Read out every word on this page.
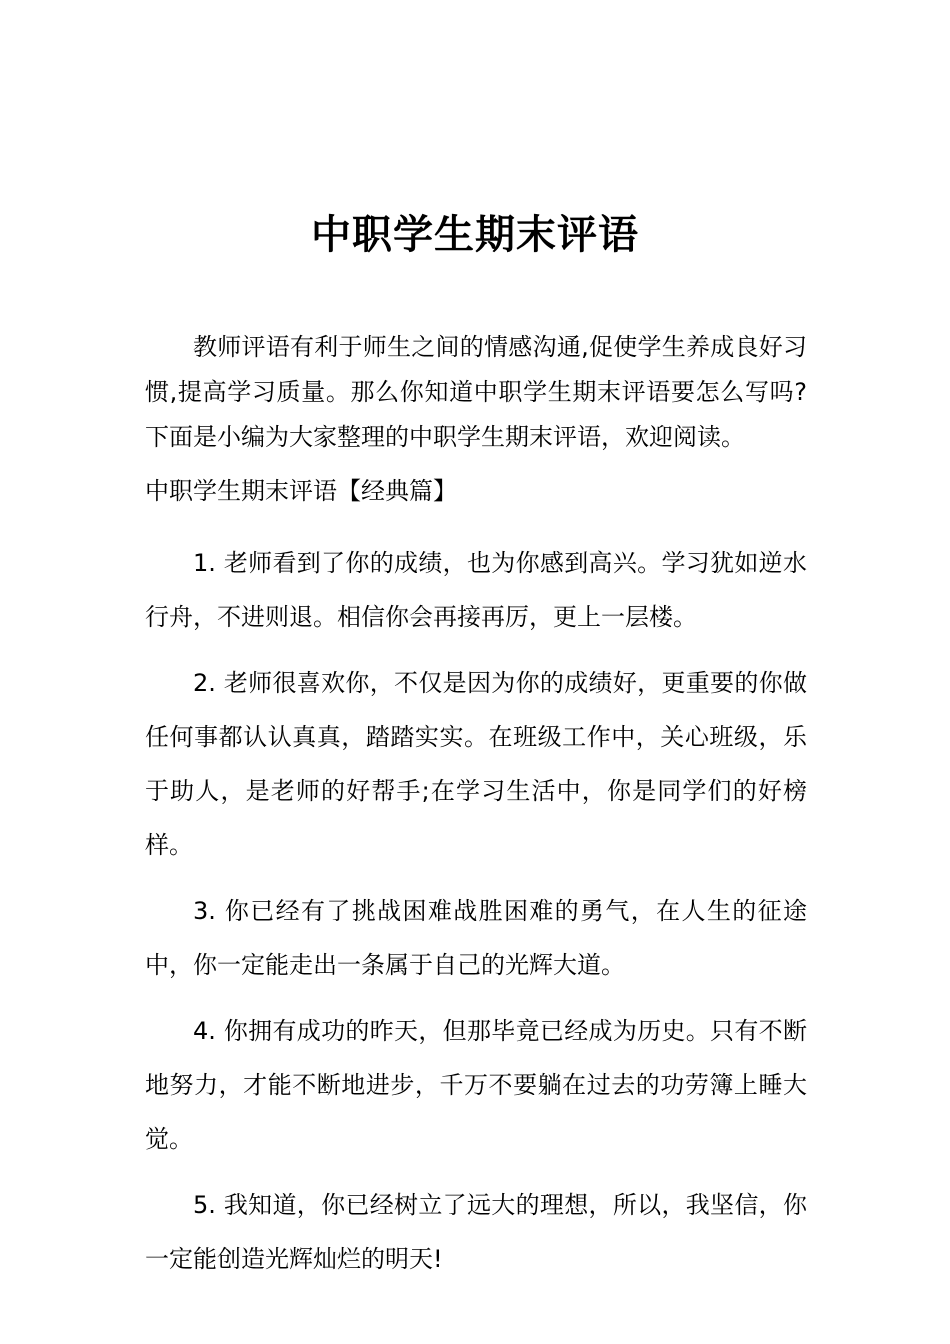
中职学生期末评语

教师评语有利于师生之间的情感沟通,促使学生养成良好习惯,提高学习质量。那么你知道中职学生期末评语要怎么写吗?下面是小编为大家整理的中职学生期末评语，欢迎阅读。

中职学生期末评语【经典篇】

1. 老师看到了你的成绩，也为你感到高兴。学习犹如逆水行舟，不进则退。相信你会再接再厉，更上一层楼。

2. 老师很喜欢你，不仅是因为你的成绩好，更重要的你做任何事都认认真真，踏踏实实。在班级工作中，关心班级，乐于助人，是老师的好帮手;在学习生活中，你是同学们的好榜样。

3. 你已经有了挑战困难战胜困难的勇气，在人生的征途中，你一定能走出一条属于自己的光辉大道。

4. 你拥有成功的昨天，但那毕竟已经成为历史。只有不断地努力，才能不断地进步，千万不要躺在过去的功劳簿上睡大觉。

5. 我知道，你已经树立了远大的理想，所以，我坚信，你一定能创造光辉灿烂的明天!
